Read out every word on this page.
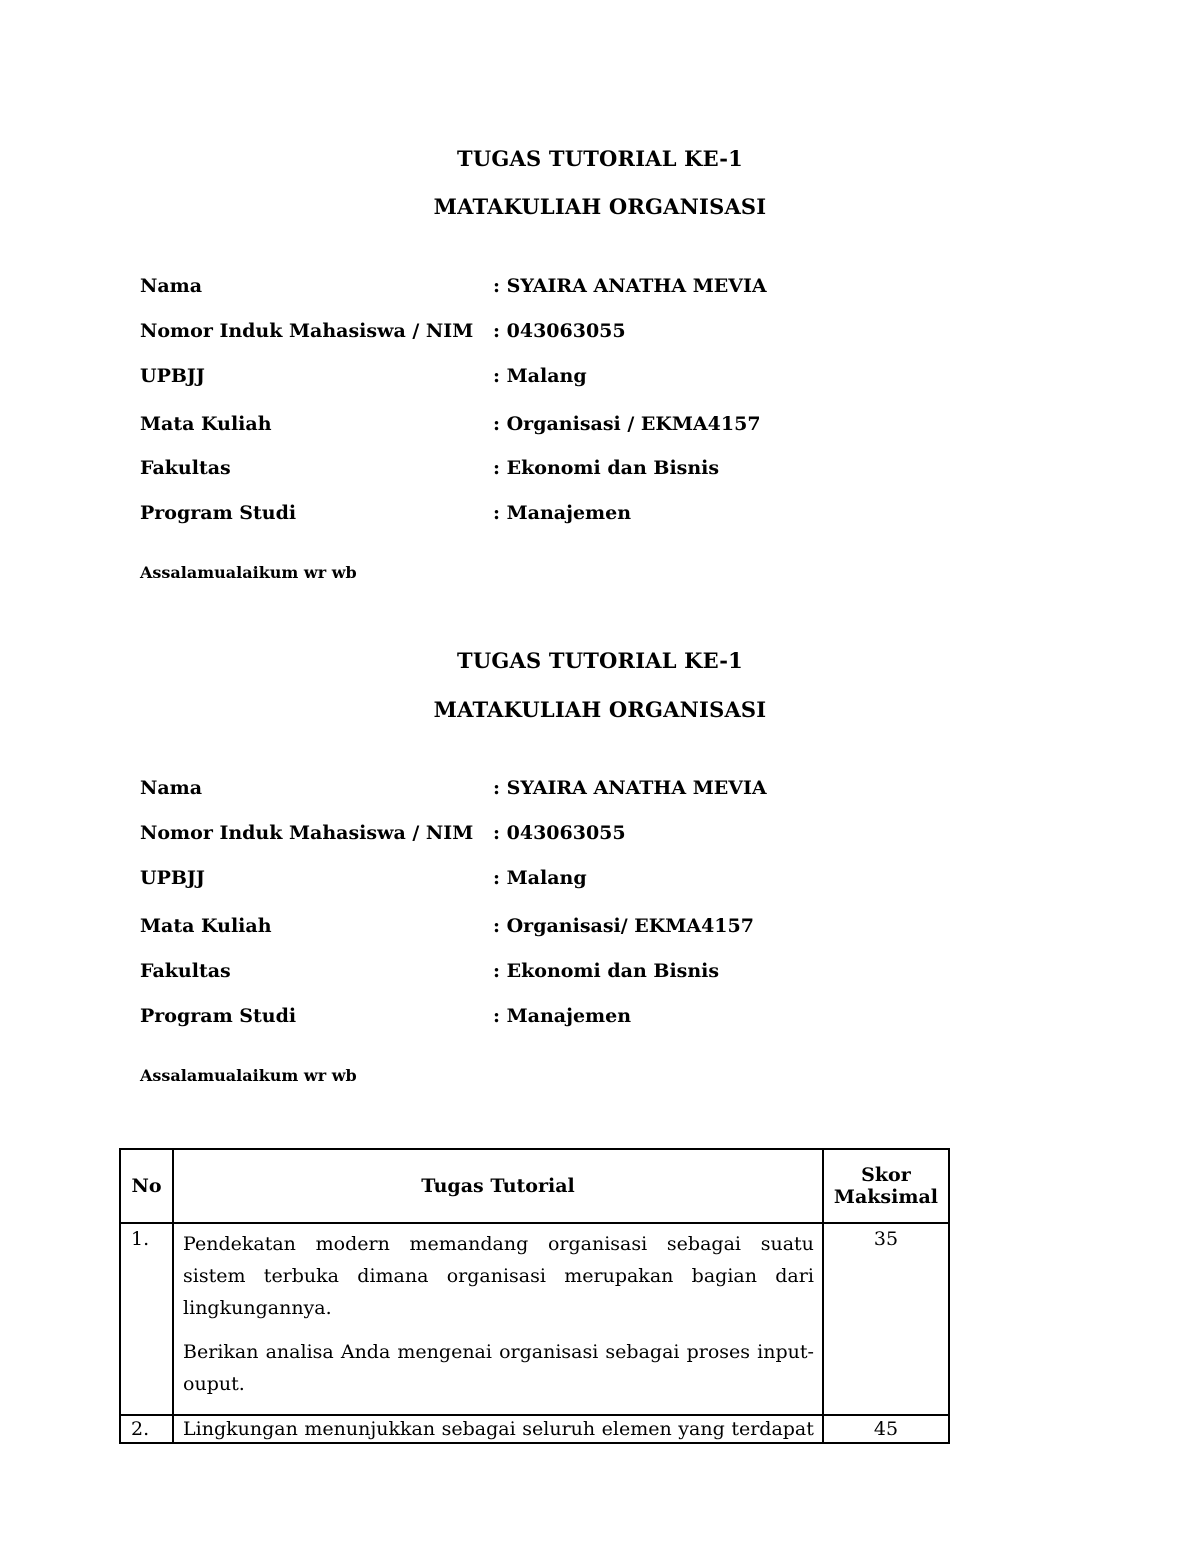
TUGAS TUTORIAL KE-1
MATAKULIAH ORGANISASI
Nama	: SYAIRA ANATHA MEVIA
Nomor Induk Mahasiswa / NIM : 043063055
UPBJJ	: Malang
Mata Kuliah	: Organisasi / EKMA4157
Fakultas	: Ekonomi dan Bisnis
Program Studi	: Manajemen
Assalamualaikum wr wb
TUGAS TUTORIAL KE-1
MATAKULIAH ORGANISASI
Nama	: SYAIRA ANATHA MEVIA
Nomor Induk Mahasiswa / NIM : 043063055
UPBJJ	: Malang
Mata Kuliah	: Organisasi/ EKMA4157
Fakultas	: Ekonomi dan Bisnis
Program Studi	: Manajemen
Assalamualaikum wr wb
No	Tugas Tutorial	Skor
Maksimal

1.	Pendekatan modern memandang organisasi sebagai suatu sistem terbuka dimana organisasi merupakan bagian dari lingkungannya.

Berikan analisa Anda mengenai organisasi sebagai proses input-ouput.	35
2.	Lingkungan menunjukkan sebagai seluruh elemen yang terdapat	45
